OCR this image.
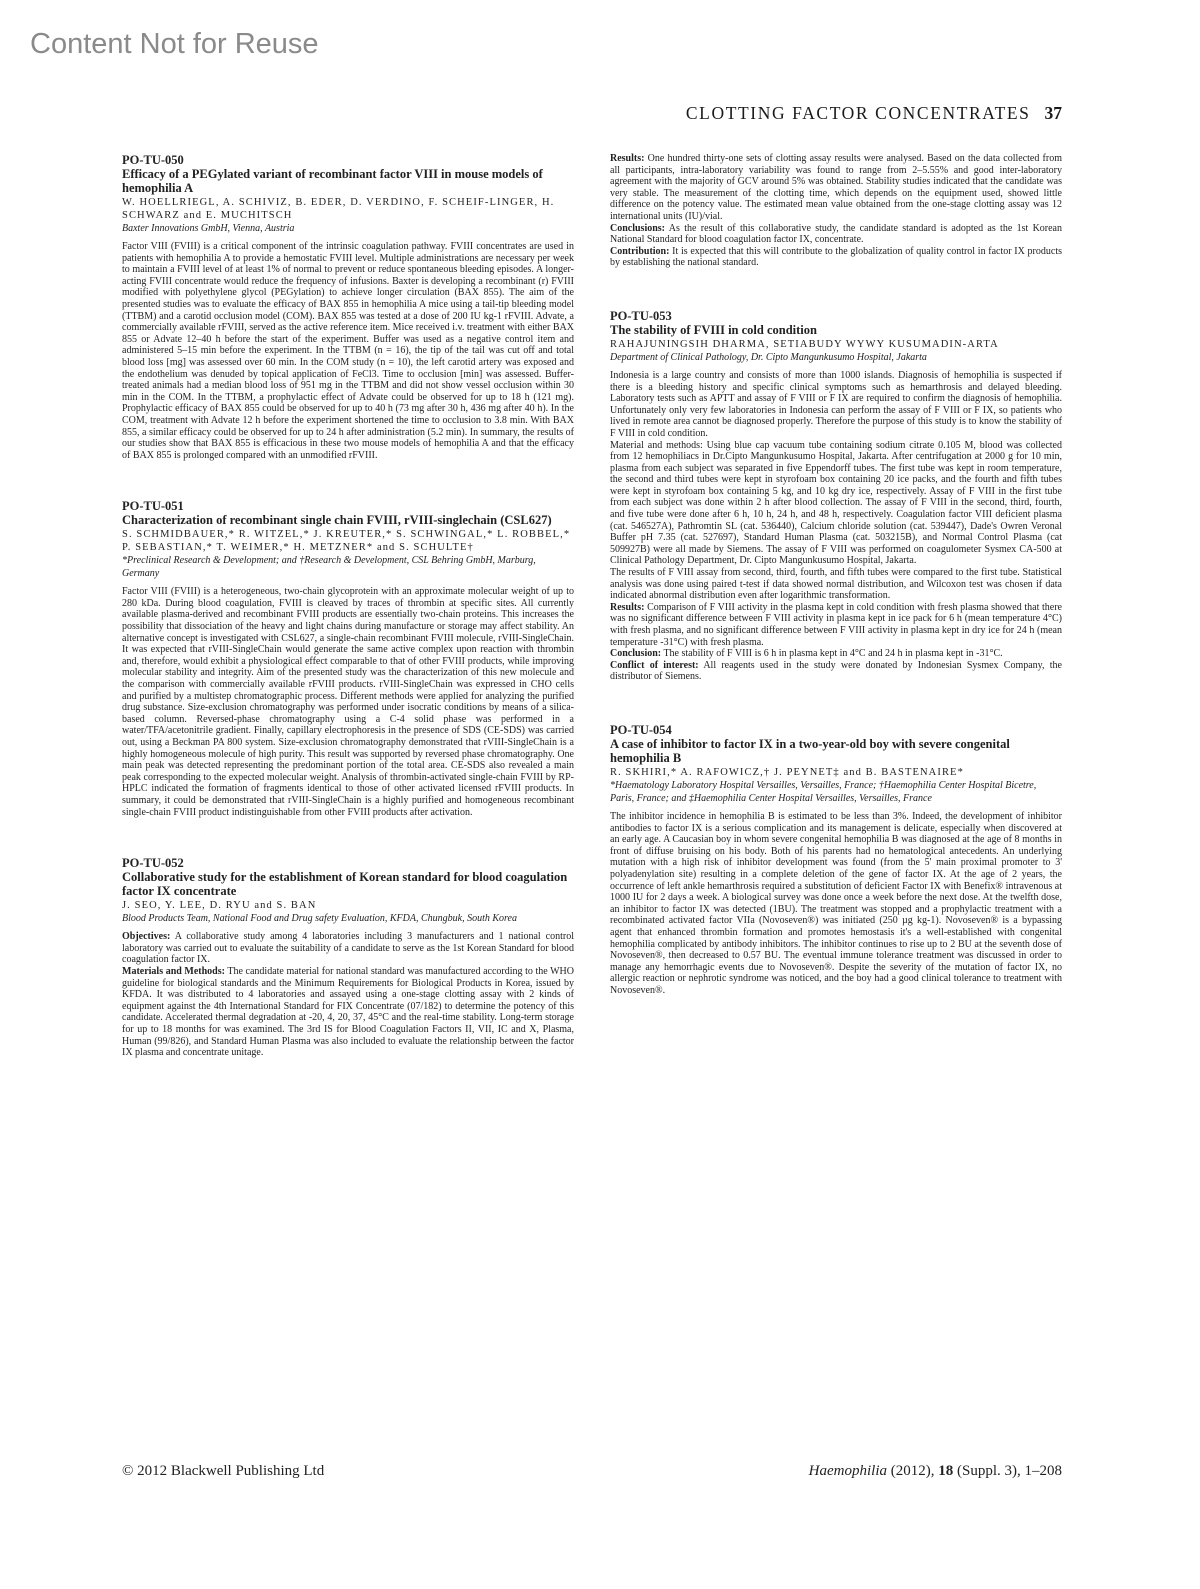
Content Not for Reuse
CLOTTING FACTOR CONCENTRATES 37

PO-TU-050

Efficacy of a PEGylated variant of recombinant factor VIII in mouse models of hemophilia A

W. HOELLRIEGL, A. SCHIVIZ, B. EDER, D. VERDINO, F. SCHEIF-LINGER, H. SCHWARZ and E. MUCHITSCH

Baxter Innovations GmbH, Vienna, Austria

Factor VIII (FVIII) is a critical component of the intrinsic coagulation pathway. FVIII concentrates are used in patients with hemophilia A to provide a hemostatic FVIII level. Multiple administrations are necessary per week to maintain a FVIII level of at least 1% of normal to prevent or reduce spontaneous bleeding episodes. A longer-acting FVIII concentrate would reduce the frequency of infusions. Baxter is developing a recombinant (r) FVIII modified with polyethylene glycol (PEGylation) to achieve longer circulation (BAX 855). The aim of the presented studies was to evaluate the efficacy of BAX 855 in hemophilia A mice using a tail-tip bleeding model (TTBM) and a carotid occlusion model (COM). BAX 855 was tested at a dose of 200 IU kg-1 rFVIII. Advate, a commercially available rFVIII, served as the active reference item. Mice received i.v. treatment with either BAX 855 or Advate 12–40 h before the start of the experiment. Buffer was used as a negative control item and administered 5–15 min before the experiment. In the TTBM (n = 16), the tip of the tail was cut off and total blood loss [mg] was assessed over 60 min. In the COM study (n = 10), the left carotid artery was exposed and the endothelium was denuded by topical application of FeCl3. Time to occlusion [min] was assessed. Buffer-treated animals had a median blood loss of 951 mg in the TTBM and did not show vessel occlusion within 30 min in the COM. In the TTBM, a prophylactic effect of Advate could be observed for up to 18 h (121 mg). Prophylactic efficacy of BAX 855 could be observed for up to 40 h (73 mg after 30 h, 436 mg after 40 h). In the COM, treatment with Advate 12 h before the experiment shortened the time to occlusion to 3.8 min. With BAX 855, a similar efficacy could be observed for up to 24 h after administration (5.2 min). In summary, the results of our studies show that BAX 855 is efficacious in these two mouse models of hemophilia A and that the efficacy of BAX 855 is prolonged compared with an unmodified rFVIII.

PO-TU-051

Characterization of recombinant single chain FVIII, rVIII-singlechain (CSL627)

S. SCHMIDBAUER,* R. WITZEL,* J. KREUTER,* S. SCHWINGAL,* L. ROBBEL,* P. SEBASTIAN,* T. WEIMER,* H. METZNER* and S. SCHULTE†

*Preclinical Research & Development; and †Research & Development, CSL Behring GmbH, Marburg, Germany

Factor VIII (FVIII) is a heterogeneous, two-chain glycoprotein with an approximate molecular weight of up to 280 kDa. During blood coagulation, FVIII is cleaved by traces of thrombin at specific sites. All currently available plasma-derived and recombinant FVIII products are essentially two-chain proteins. This increases the possibility that dissociation of the heavy and light chains during manufacture or storage may affect stability. An alternative concept is investigated with CSL627, a single-chain recombinant FVIII molecule, rVIII-SingleChain. It was expected that rVIII-SingleChain would generate the same active complex upon reaction with thrombin and, therefore, would exhibit a physiological effect comparable to that of other FVIII products, while improving molecular stability and integrity. Aim of the presented study was the characterization of this new molecule and the comparison with commercially available rFVIII products. rVIII-SingleChain was expressed in CHO cells and purified by a multistep chromatographic process. Different methods were applied for analyzing the purified drug substance. Size-exclusion chromatography was performed under isocratic conditions by means of a silica-based column. Reversed-phase chromatography using a C-4 solid phase was performed in a water/TFA/acetonitrile gradient. Finally, capillary electrophoresis in the presence of SDS (CE-SDS) was carried out, using a Beckman PA 800 system. Size-exclusion chromatography demonstrated that rVIII-SingleChain is a highly homogeneous molecule of high purity. This result was supported by reversed phase chromatography. One main peak was detected representing the predominant portion of the total area. CE-SDS also revealed a main peak corresponding to the expected molecular weight. Analysis of thrombin-activated single-chain FVIII by RP-HPLC indicated the formation of fragments identical to those of other activated licensed rFVIII products. In summary, it could be demonstrated that rVIII-SingleChain is a highly purified and homogeneous recombinant single-chain FVIII product indistinguishable from other FVIII products after activation.

PO-TU-052

Collaborative study for the establishment of Korean standard for blood coagulation factor IX concentrate

J. SEO, Y. LEE, D. RYU and S. BAN

Blood Products Team, National Food and Drug safety Evaluation, KFDA, Chungbuk, South Korea

Objectives: A collaborative study among 4 laboratories including 3 manufacturers and 1 national control laboratory was carried out to evaluate the suitability of a candidate to serve as the 1st Korean Standard for blood coagulation factor IX.

Materials and Methods: The candidate material for national standard was manufactured according to the WHO guideline for biological standards and the Minimum Requirements for Biological Products in Korea, issued by KFDA. It was distributed to 4 laboratories and assayed using a one-stage clotting assay with 2 kinds of equipment against the 4th International Standard for FIX Concentrate (07/182) to determine the potency of this candidate. Accelerated thermal degradation at -20, 4, 20, 37, 45°C and the real-time stability. Long-term storage for up to 18 months for was examined. The 3rd IS for Blood Coagulation Factors II, VII, IC and X, Plasma, Human (99/826), and Standard Human Plasma was also included to evaluate the relationship between the factor IX plasma and concentrate unitage.

Results: One hundred thirty-one sets of clotting assay results were analysed. Based on the data collected from all participants, intra-laboratory variability was found to range from 2–5.55% and good inter-laboratory agreement with the majority of GCV around 5% was obtained. Stability studies indicated that the candidate was very stable. The measurement of the clotting time, which depends on the equipment used, showed little difference on the potency value. The estimated mean value obtained from the one-stage clotting assay was 12 international units (IU)/vial.

Conclusions: As the result of this collaborative study, the candidate standard is adopted as the 1st Korean National Standard for blood coagulation factor IX, concentrate.

Contribution: It is expected that this will contribute to the globalization of quality control in factor IX products by establishing the national standard.

PO-TU-053

The stability of FVIII in cold condition

RAHAJUNINGSIH DHARMA, SETIABUDY WYWY KUSUMADIN-ARTA

Department of Clinical Pathology, Dr. Cipto Mangunkusumo Hospital, Jakarta

Indonesia is a large country and consists of more than 1000 islands. Diagnosis of hemophilia is suspected if there is a bleeding history and specific clinical symptoms such as hemarthrosis and delayed bleeding. Laboratory tests such as APTT and assay of F VIII or F IX are required to confirm the diagnosis of hemophilia. Unfortunately only very few laboratories in Indonesia can perform the assay of F VIII or F IX, so patients who lived in remote area cannot be diagnosed properly. Therefore the purpose of this study is to know the stability of F VIII in cold condition.

Material and methods: Using blue cap vacuum tube containing sodium citrate 0.105 M, blood was collected from 12 hemophiliacs in Dr.Cipto Mangunkusumo Hospital, Jakarta. After centrifugation at 2000 g for 10 min, plasma from each subject was separated in five Eppendorff tubes. The first tube was kept in room temperature, the second and third tubes were kept in styrofoam box containing 20 ice packs, and the fourth and fifth tubes were kept in styrofoam box containing 5 kg, and 10 kg dry ice, respectively. Assay of F VIII in the first tube from each subject was done within 2 h after blood collection. The assay of F VIII in the second, third, fourth, and five tube were done after 6 h, 10 h, 24 h, and 48 h, respectively. Coagulation factor VIII deficient plasma (cat. 546527A), Pathromtin SL (cat. 536440), Calcium chloride solution (cat. 539447), Dade's Owren Veronal Buffer pH 7.35 (cat. 527697), Standard Human Plasma (cat. 503215B), and Normal Control Plasma (cat 509927B) were all made by Siemens. The assay of F VIII was performed on coagulometer Sysmex CA-500 at Clinical Pathology Department, Dr. Cipto Mangunkusumo Hospital, Jakarta.

The results of F VIII assay from second, third, fourth, and fifth tubes were compared to the first tube. Statistical analysis was done using paired t-test if data showed normal distribution, and Wilcoxon test was chosen if data indicated abnormal distribution even after logarithmic transformation.

Results: Comparison of F VIII activity in the plasma kept in cold condition with fresh plasma showed that there was no significant difference between F VIII activity in plasma kept in ice pack for 6 h (mean temperature 4°C) with fresh plasma, and no significant difference between F VIII activity in plasma kept in dry ice for 24 h (mean temperature -31°C) with fresh plasma.

Conclusion: The stability of F VIII is 6 h in plasma kept in 4°C and 24 h in plasma kept in -31°C.

Conflict of interest: All reagents used in the study were donated by Indonesian Sysmex Company, the distributor of Siemens.

PO-TU-054

A case of inhibitor to factor IX in a two-year-old boy with severe congenital hemophilia B

R. SKHIRI,* A. RAFOWICZ,† J. PEYNET‡ and B. BASTENAIRE*

*Haematology Laboratory Hospital Versailles, Versailles, France; †Haemophilia Center Hospital Bicetre, Paris, France; and ‡Haemophilia Center Hospital Versailles, Versailles, France

The inhibitor incidence in hemophilia B is estimated to be less than 3%. Indeed, the development of inhibitor antibodies to factor IX is a serious complication and its management is delicate, especially when discovered at an early age. A Caucasian boy in whom severe congenital hemophilia B was diagnosed at the age of 8 months in front of diffuse bruising on his body. Both of his parents had no hematological antecedents. An underlying mutation with a high risk of inhibitor development was found (from the 5' main proximal promoter to 3' polyadenylation site) resulting in a complete deletion of the gene of factor IX. At the age of 2 years, the occurrence of left ankle hemarthrosis required a substitution of deficient Factor IX with Benefix® intravenous at 1000 IU for 2 days a week. A biological survey was done once a week before the next dose. At the twelfth dose, an inhibitor to factor IX was detected (1BU). The treatment was stopped and a prophylactic treatment with a recombinated activated factor VIIa (Novoseven®) was initiated (250 µg kg-1). Novoseven® is a bypassing agent that enhanced thrombin formation and promotes hemostasis it's a well-established with congenital hemophilia complicated by antibody inhibitors. The inhibitor continues to rise up to 2 BU at the seventh dose of Novoseven®, then decreased to 0.57 BU. The eventual immune tolerance treatment was discussed in order to manage any hemorrhagic events due to Novoseven®. Despite the severity of the mutation of factor IX, no allergic reaction or nephrotic syndrome was noticed, and the boy had a good clinical tolerance to treatment with Novoseven®.

© 2012 Blackwell Publishing Ltd	Haemophilia (2012), 18 (Suppl. 3), 1–208
